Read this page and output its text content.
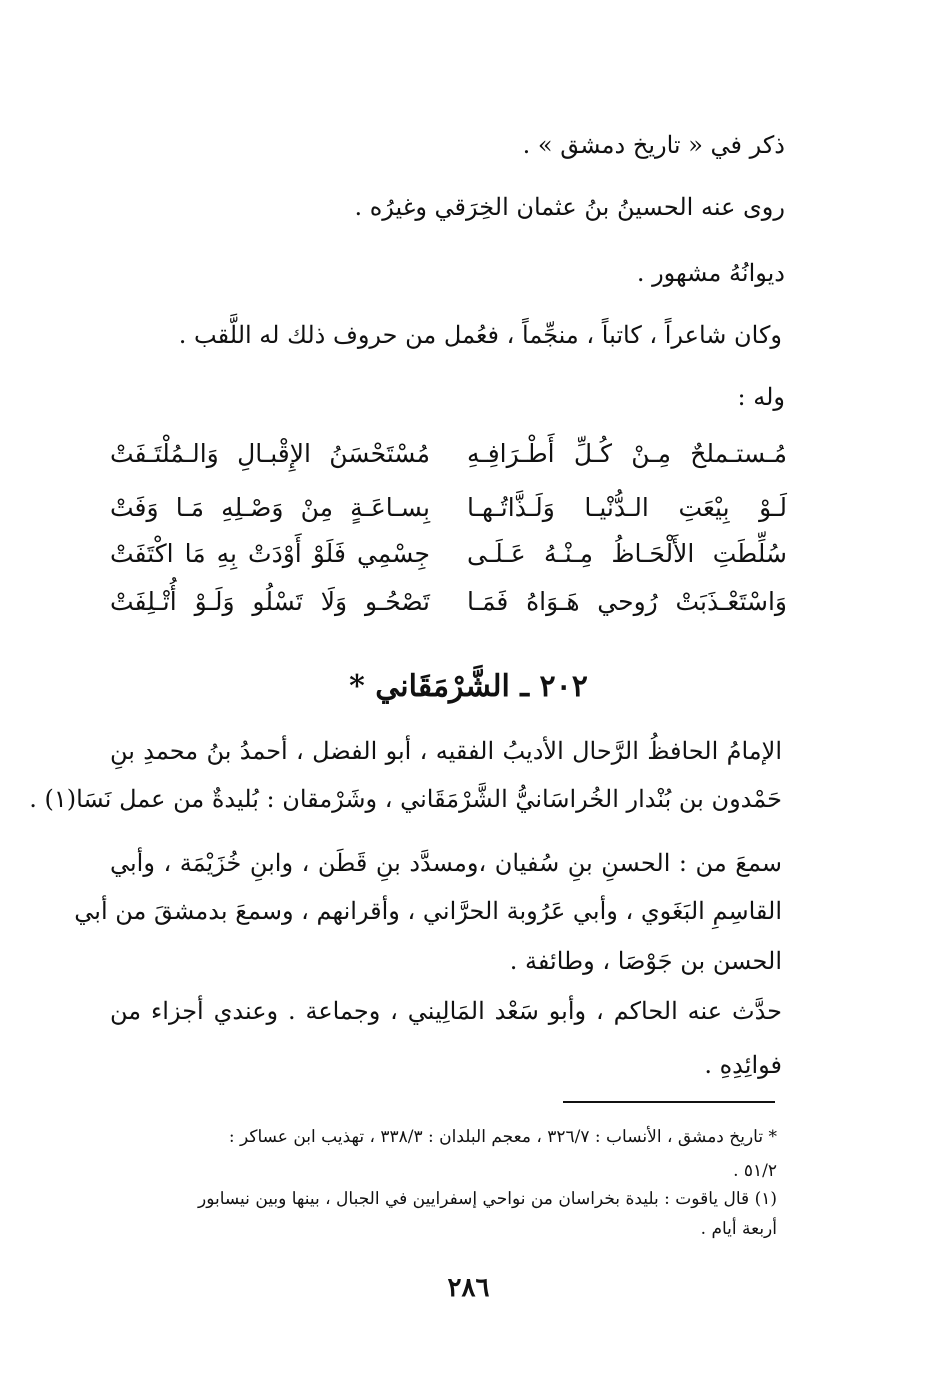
ذكر في « تاريخ دمشق » .
روى عنه الحسينُ بنُ عثمان الخِرَقي وغيرُه .
ديوانُهُ مشهور .
وكان شاعراً ، كاتباً ، منجِّماً ، فعُمل من حروف ذلك له اللَّقب .
وله :
مُـستـملحٌ مِـنْ كُـلِّ أَطْـرَافِـهِ
مُسْتَحْسَنُ الإِقْبـالِ وَالـمُلْتَـفَتْ
لَـوْ بِيْعَتِ الـدُّنْيـا وَلَـذَّاتُـهـا
بِسـاعَـةٍ مِنْ وَصْـلِهِ مَـا وَفَتْ
سُلِّطَتِ الأَلْحَـاظُ مِـنْـهُ عَـلَـى
جِسْمِي فَلَوْ أَوْدَتْ بِهِ مَا اكْتَفَتْ
وَاسْتَعْـذَبَتْ رُوحي هَـوَاهُ فَمَـا
تَصْحُـو وَلَا تَسْلُو وَلَـوْ أُتْـلِفَتْ
٢٠٢ ـ الشَّرْمَقَاني *
الإمامُ الحافظُ الرَّحال الأديبُ الفقيه ، أبو الفضل ، أحمدُ بنُ محمدِ بنِ
حَمْدون بن بُنْدار الخُراسَانيُّ الشَّرْمَقَاني ، وشَرْمقان : بُليدةٌ من عمل نَسَا(١) .
سمعَ من : الحسنِ بنِ سُفيان ،ومسدَّد بنِ قَطَن ، وابنِ خُزَيْمَة ، وأبي
القاسِمِ البَغَوي ، وأبي عَرُوبة الحرَّاني ، وأقرانهم ، وسمعَ بدمشقَ من أبي
الحسن بن جَوْصَا ، وطائفة .
حدَّث عنه الحاكم ، وأبو سَعْد المَالِيني ، وجماعة . وعندي أجزاء من
فوائِدِهِ .
* تاريخ دمشق ، الأنساب : ٣٢٦/٧ ، معجم البلدان : ٣٣٨/٣ ، تهذيب ابن عساكر :
٥١/٢ .
(١) قال ياقوت : بليدة بخراسان من نواحي إسفرايين في الجبال ، بينها وبين نيسابور
أربعة أيام .
٢٨٦
